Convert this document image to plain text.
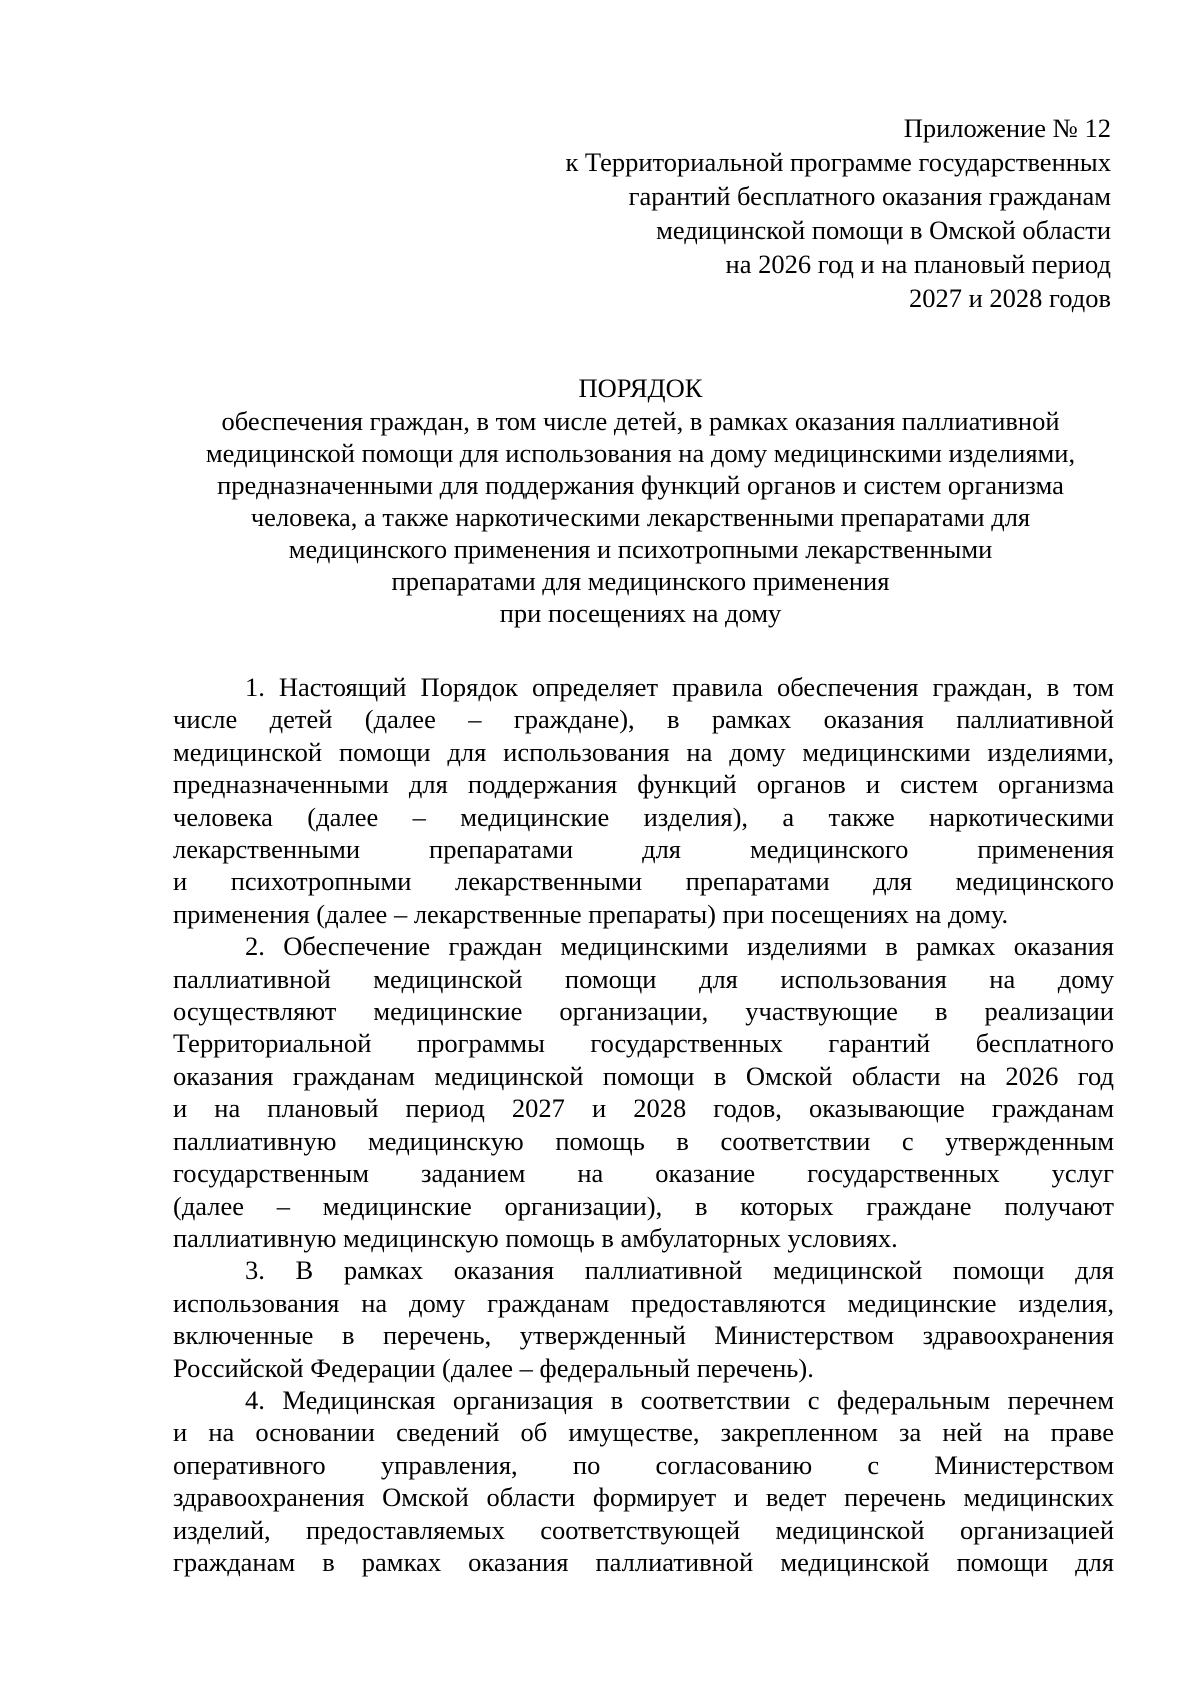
Приложение № 12
к Территориальной программе государственных
гарантий бесплатного оказания гражданам
медицинской помощи в Омской области
на 2026 год и на плановый период
2027 и 2028 годов
ПОРЯДОК
обеспечения граждан, в том числе детей, в рамках оказания паллиативной
медицинской помощи для использования на дому медицинскими изделиями,
предназначенными для поддержания функций органов и систем организма
человека, а также наркотическими лекарственными препаратами для
медицинского применения и психотропными лекарственными
препаратами для медицинского применения
при посещениях на дому

1. Настоящий Порядок определяет правила обеспечения граждан, в том

числе детей (далее – граждане), в рамках оказания паллиативной

медицинской помощи для использования на дому медицинскими изделиями,

предназначенными для поддержания функций органов и систем организма

человека (далее – медицинские изделия), а также наркотическими

лекарственными препаратами для медицинского применения

и психотропными лекарственными препаратами для медицинского

применения (далее – лекарственные препараты) при посещениях на дому.

2. Обеспечение граждан медицинскими изделиями в рамках оказания

паллиативной медицинской помощи для использования на дому

осуществляют медицинские организации, участвующие в реализации

Территориальной программы государственных гарантий бесплатного

оказания гражданам медицинской помощи в Омской области на 2026 год

и на плановый период 2027 и 2028 годов, оказывающие гражданам

паллиативную медицинскую помощь в соответствии с утвержденным

государственным заданием на оказание государственных услуг

(далее – медицинские организации), в которых граждане получают

паллиативную медицинскую помощь в амбулаторных условиях.

3. В рамках оказания паллиативной медицинской помощи для

использования на дому гражданам предоставляются медицинские изделия,

включенные в перечень, утвержденный Министерством здравоохранения

Российской Федерации (далее – федеральный перечень).

4. Медицинская организация в соответствии с федеральным перечнем

и на основании сведений об имуществе, закрепленном за ней на праве

оперативного управления, по согласованию с Министерством

здравоохранения Омской области формирует и ведет перечень медицинских

изделий, предоставляемых соответствующей медицинской организацией

гражданам в рамках оказания паллиативной медицинской помощи для
